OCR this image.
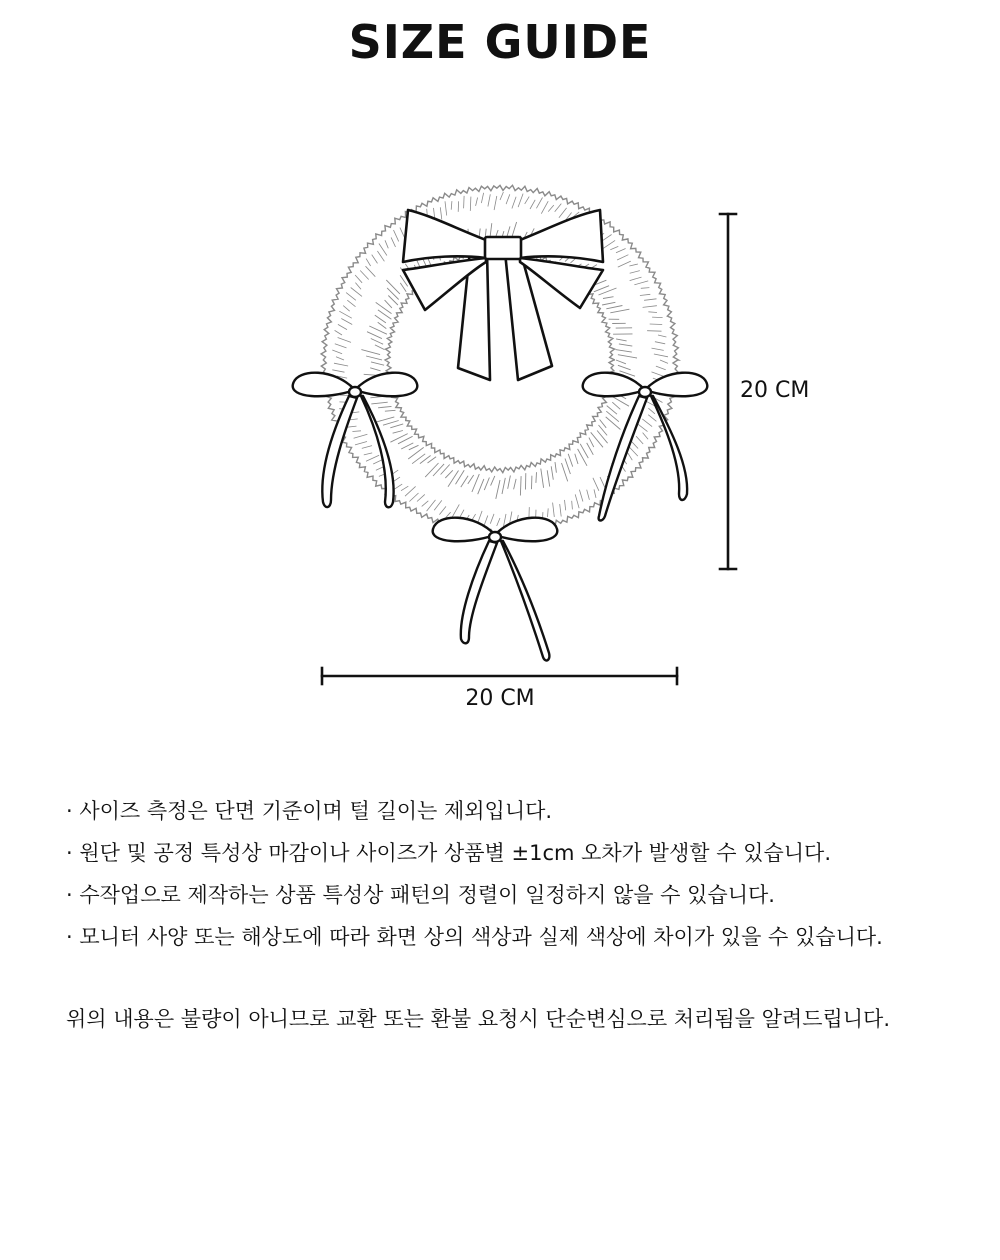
SIZE GUIDE
20 CM
20 CM
· 사이즈 측정은 단면 기준이며 털 길이는 제외입니다.
· 원단 및 공정 특성상 마감이나 사이즈가 상품별 ±1cm 오차가 발생할 수 있습니다.
· 수작업으로 제작하는 상품 특성상 패턴의 정렬이 일정하지 않을 수 있습니다.
· 모니터 사양 또는 해상도에 따라 화면 상의 색상과 실제 색상에 차이가 있을 수 있습니다.

위의 내용은 불량이 아니므로 교환 또는 환불 요청시 단순변심으로 처리됨을 알려드립니다.
